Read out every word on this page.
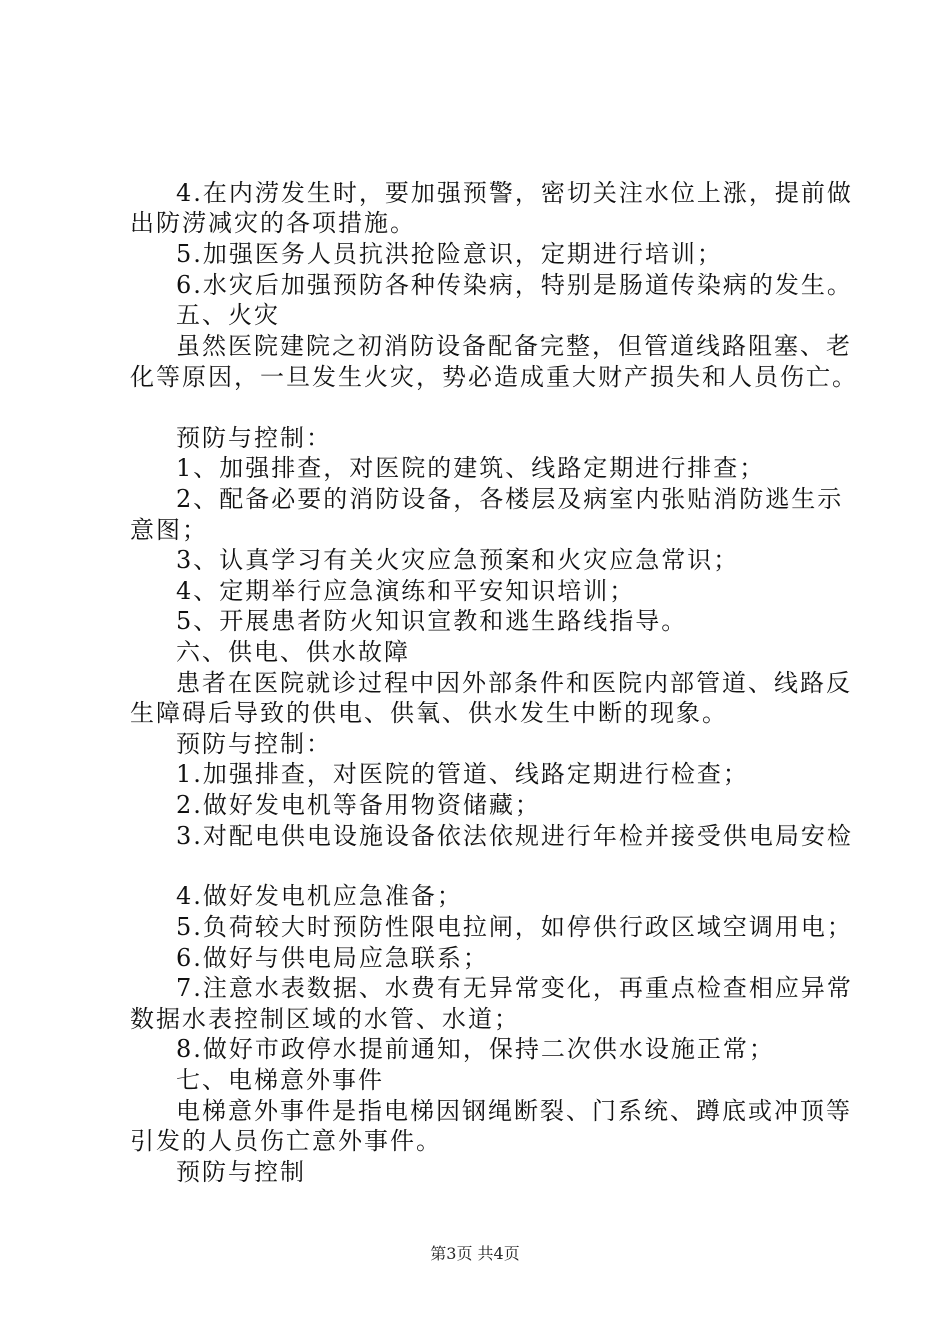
4.在内涝发生时，要加强预警，密切关注水位上涨，提前做
出防涝减灾的各项措施。
5.加强医务人员抗洪抢险意识，定期进行培训；
6.水灾后加强预防各种传染病，特别是肠道传染病的发生。
五、火灾
虽然医院建院之初消防设备配备完整，但管道线路阻塞、老
化等原因，一旦发生火灾，势必造成重大财产损失和人员伤亡。
预防与控制：
1、加强排查，对医院的建筑、线路定期进行排查；
2、配备必要的消防设备，各楼层及病室内张贴消防逃生示
意图；
3、认真学习有关火灾应急预案和火灾应急常识；
4、定期举行应急演练和平安知识培训；
5、开展患者防火知识宣教和逃生路线指导。
六、供电、供水故障
患者在医院就诊过程中因外部条件和医院内部管道、线路反
生障碍后导致的供电、供氧、供水发生中断的现象。
预防与控制：
1.加强排查，对医院的管道、线路定期进行检查；
2.做好发电机等备用物资储藏；
3.对配电供电设施设备依法依规进行年检并接受供电局安检
4.做好发电机应急准备；
5.负荷较大时预防性限电拉闸，如停供行政区域空调用电；
6.做好与供电局应急联系；
7.注意水表数据、水费有无异常变化，再重点检查相应异常
数据水表控制区域的水管、水道；
8.做好市政停水提前通知，保持二次供水设施正常；
七、电梯意外事件
电梯意外事件是指电梯因钢绳断裂、门系统、蹲底或冲顶等
引发的人员伤亡意外事件。
预防与控制
第3页 共4页
